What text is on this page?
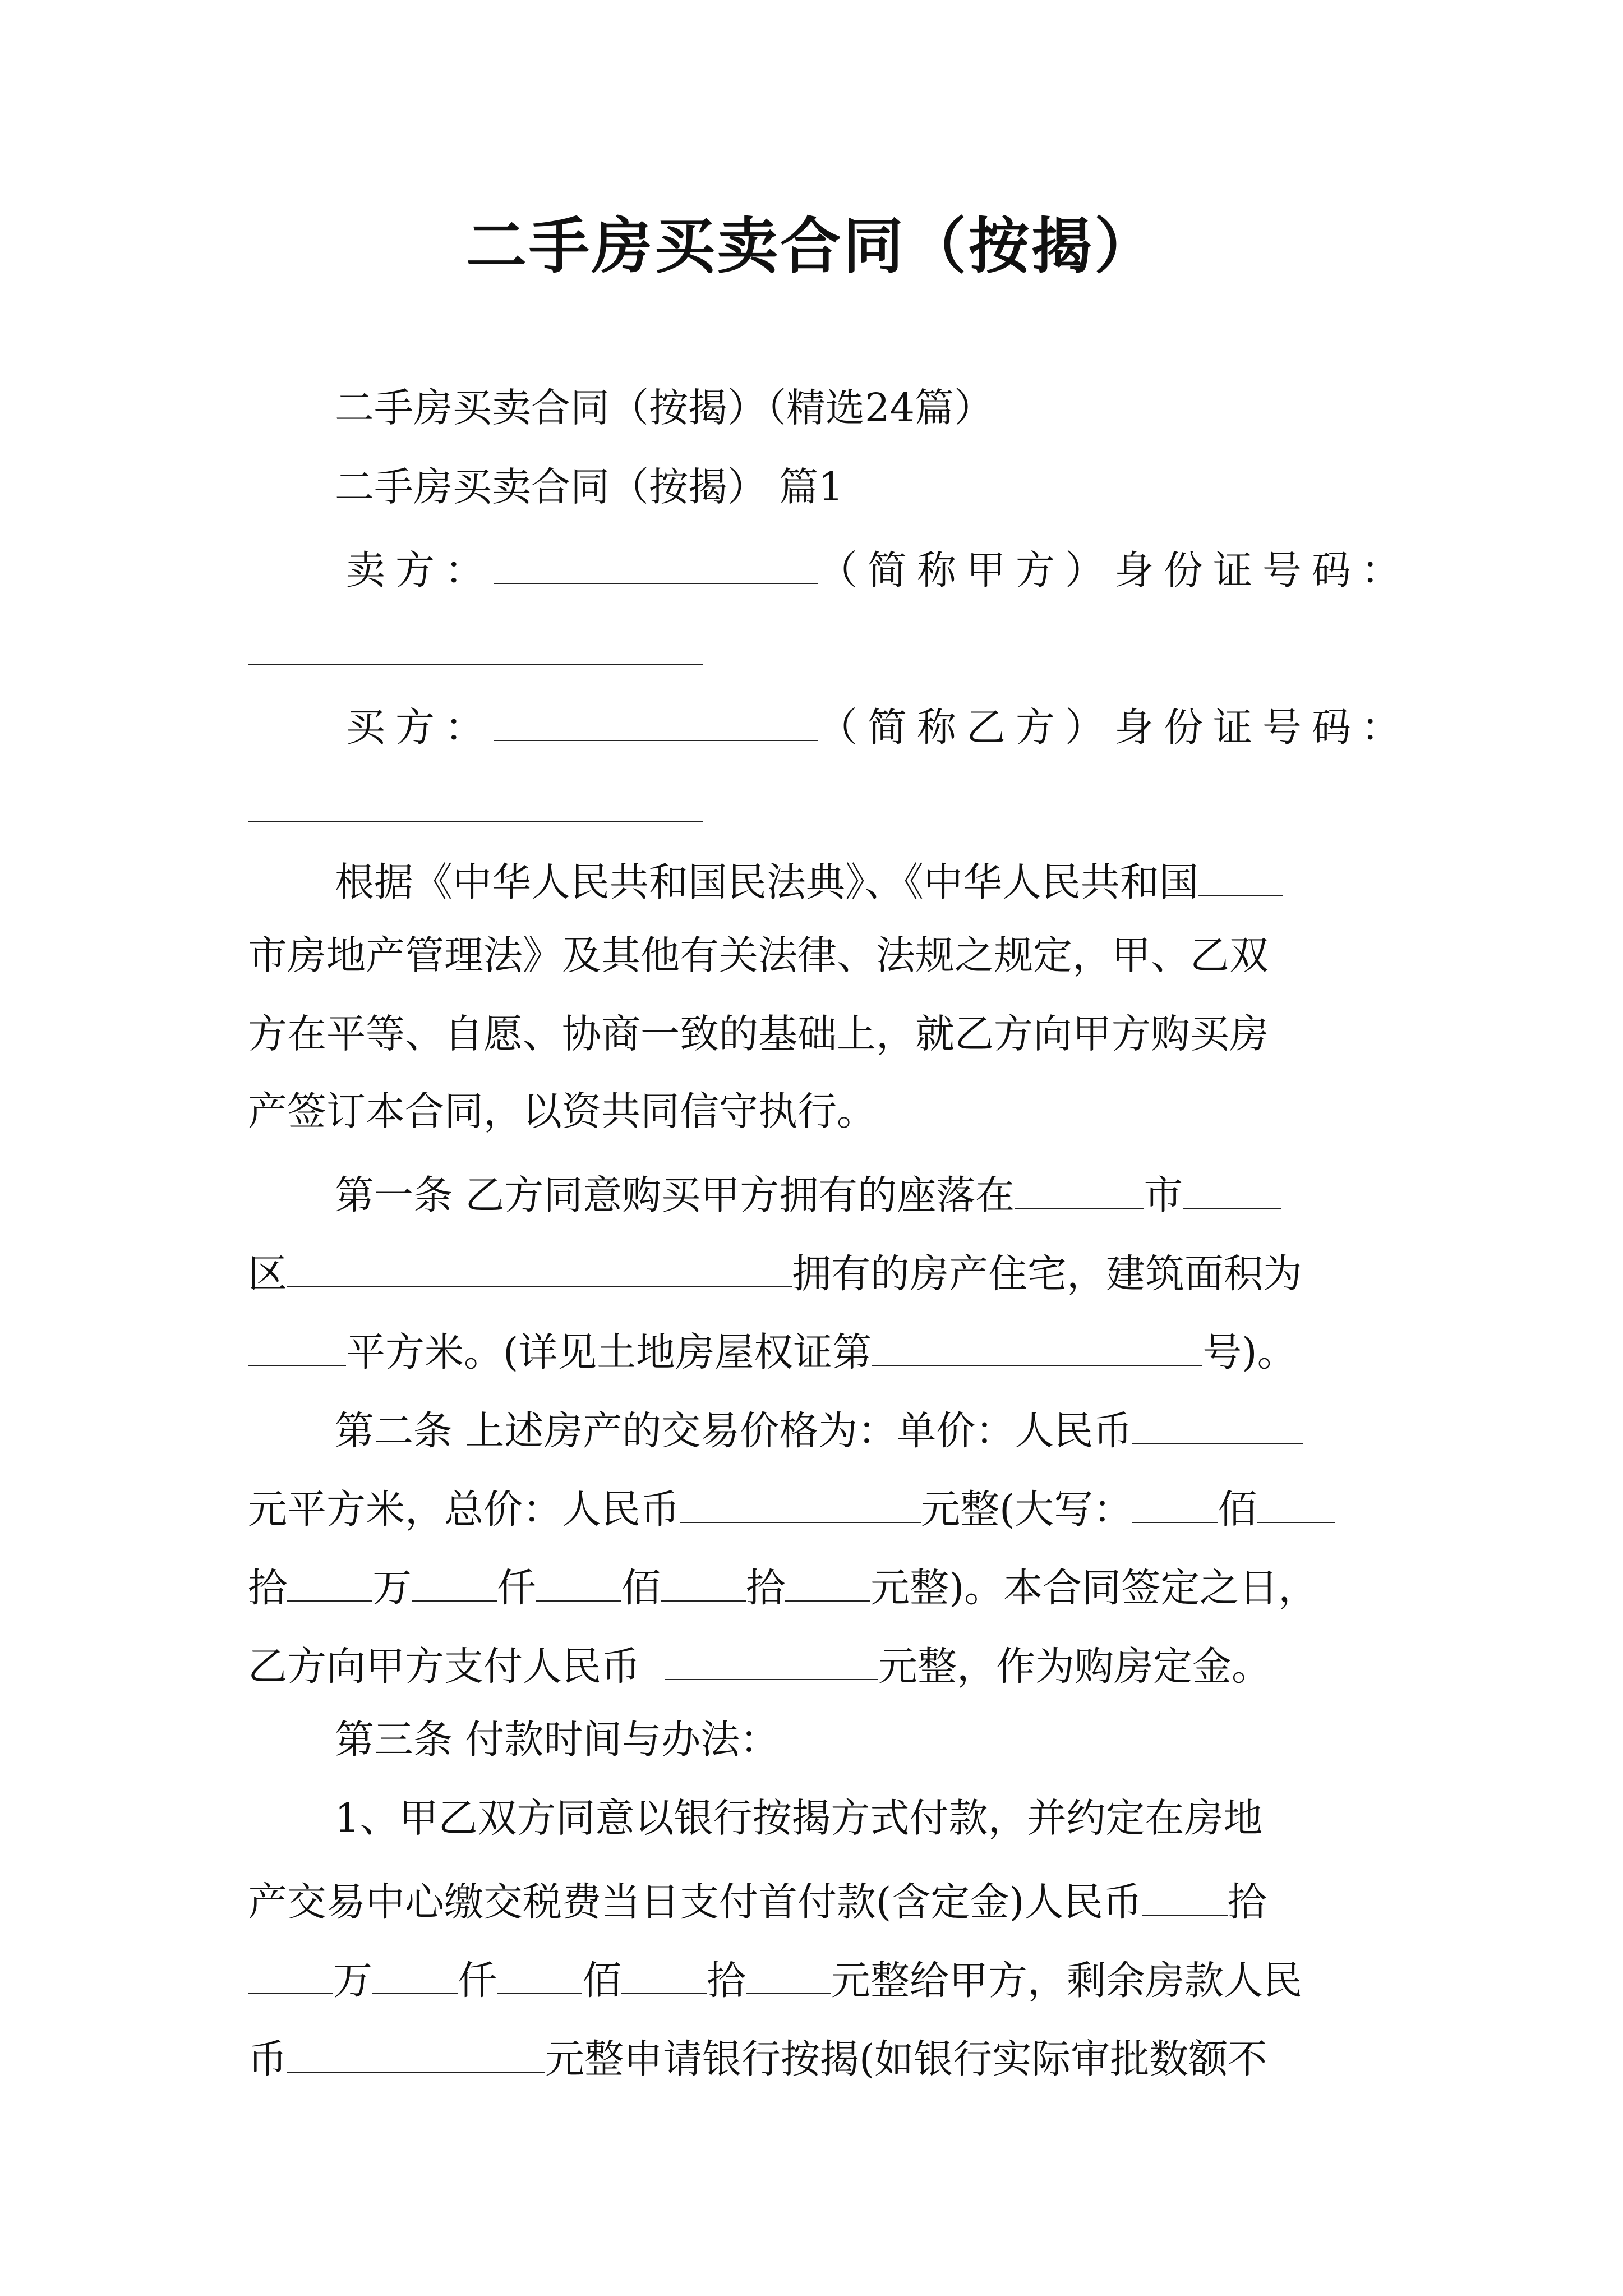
二手房买卖合同（按揭）
二手房买卖合同（按揭）（精选24篇）
二手房买卖合同（按揭） 篇1
卖方：	（简称甲方）身份证号码：
买方：	（简称乙方）身份证号码：
根据《中华人民共和国民法典》、《中华人民共和国
市房地产管理法》及其他有关法律、法规之规定，甲、乙双
方在平等、自愿、协商一致的基础上，就乙方向甲方购买房
产签订本合同，以资共同信守执行。
第一条 乙方同意购买甲方拥有的座落在	市
区	拥有的房产住宅，建筑面积为
平方米。(详见土地房屋权证第	号)。
第二条 上述房产的交易价格为：单价：人民币
元平方米，总价：人民币	元整(大写： 佰
拾 万 仟 佰 拾 元整)。本合同签定之日，
乙方向甲方支付人民币	元整，作为购房定金。
第三条 付款时间与办法：
1、甲乙双方同意以银行按揭方式付款，并约定在房地
产交易中心缴交税费当日支付首付款(含定金)人民币 拾
万 仟 佰 拾 元整给甲方，剩余房款人民
币	元整申请银行按揭(如银行实际审批数额不
